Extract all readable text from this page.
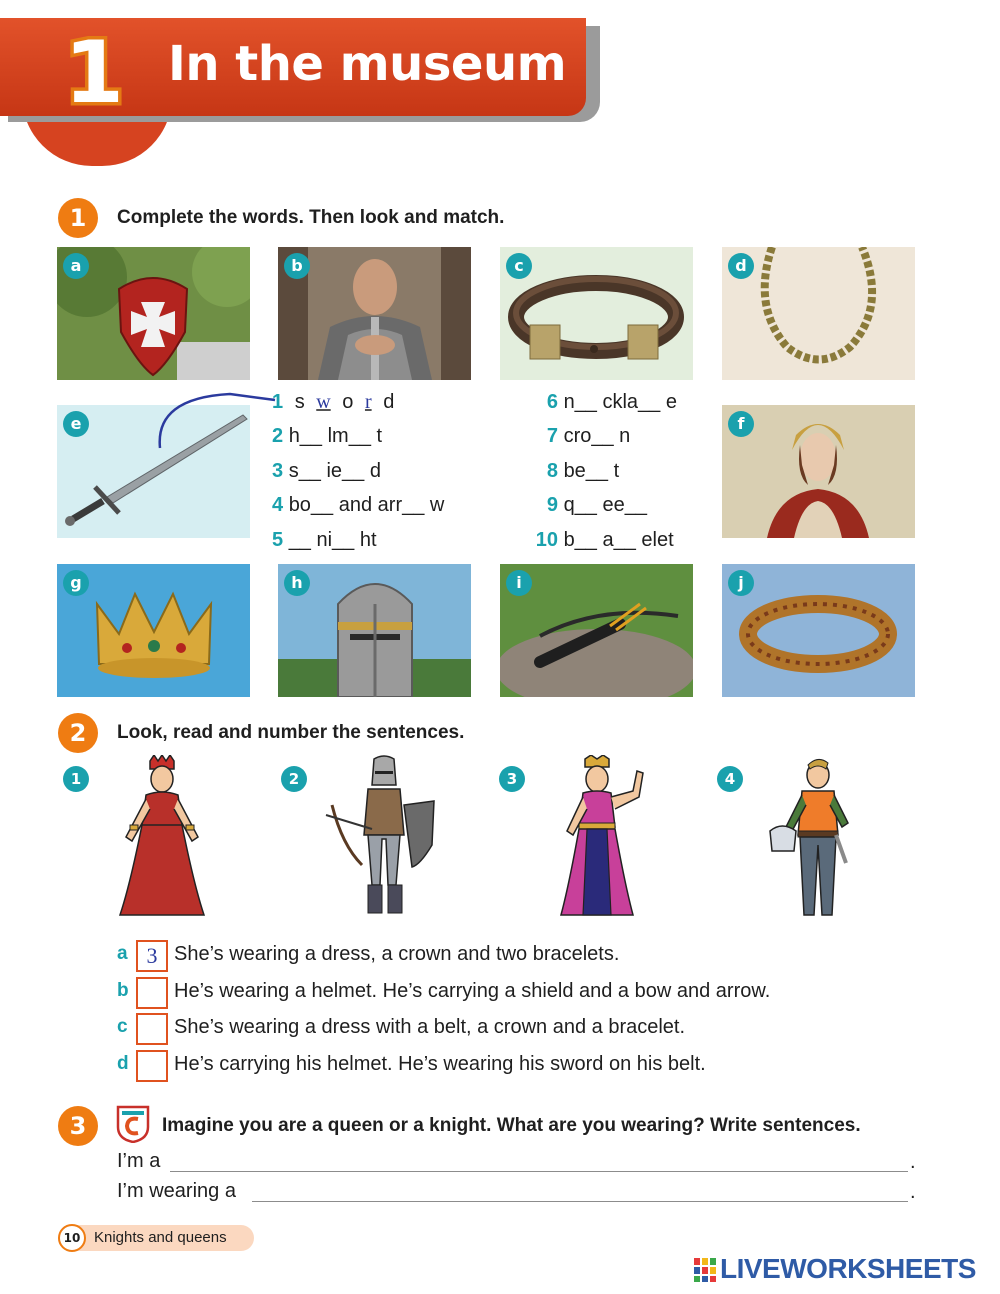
1 In the museum
1	Complete the words. Then look and match.
a	b	c	d
e	f
1 s w o r d
2 h__ lm__ t
3 s__ ie__ d
4 bo__ and arr__ w
5 __ ni__ ht
6 n__ ckla__ e
7 cro__ n
8 be__ t
9 q__ ee__
10 b__ a__ elet
g	h	i	j
2	Look, read and number the sentences.
1	2	3	4
a 3 She’s wearing a dress, a crown and two bracelets.
b He’s wearing a helmet. He’s carrying a shield and a bow and arrow.
c She’s wearing a dress with a belt, a crown and a bracelet.
d He’s carrying his helmet. He’s wearing his sword on his belt.
3	Imagine you are a queen or a knight. What are you wearing? Write sentences.
I’m a	.
I’m wearing a	.
10 Knights and queens
LIVEWORKSHEETS
